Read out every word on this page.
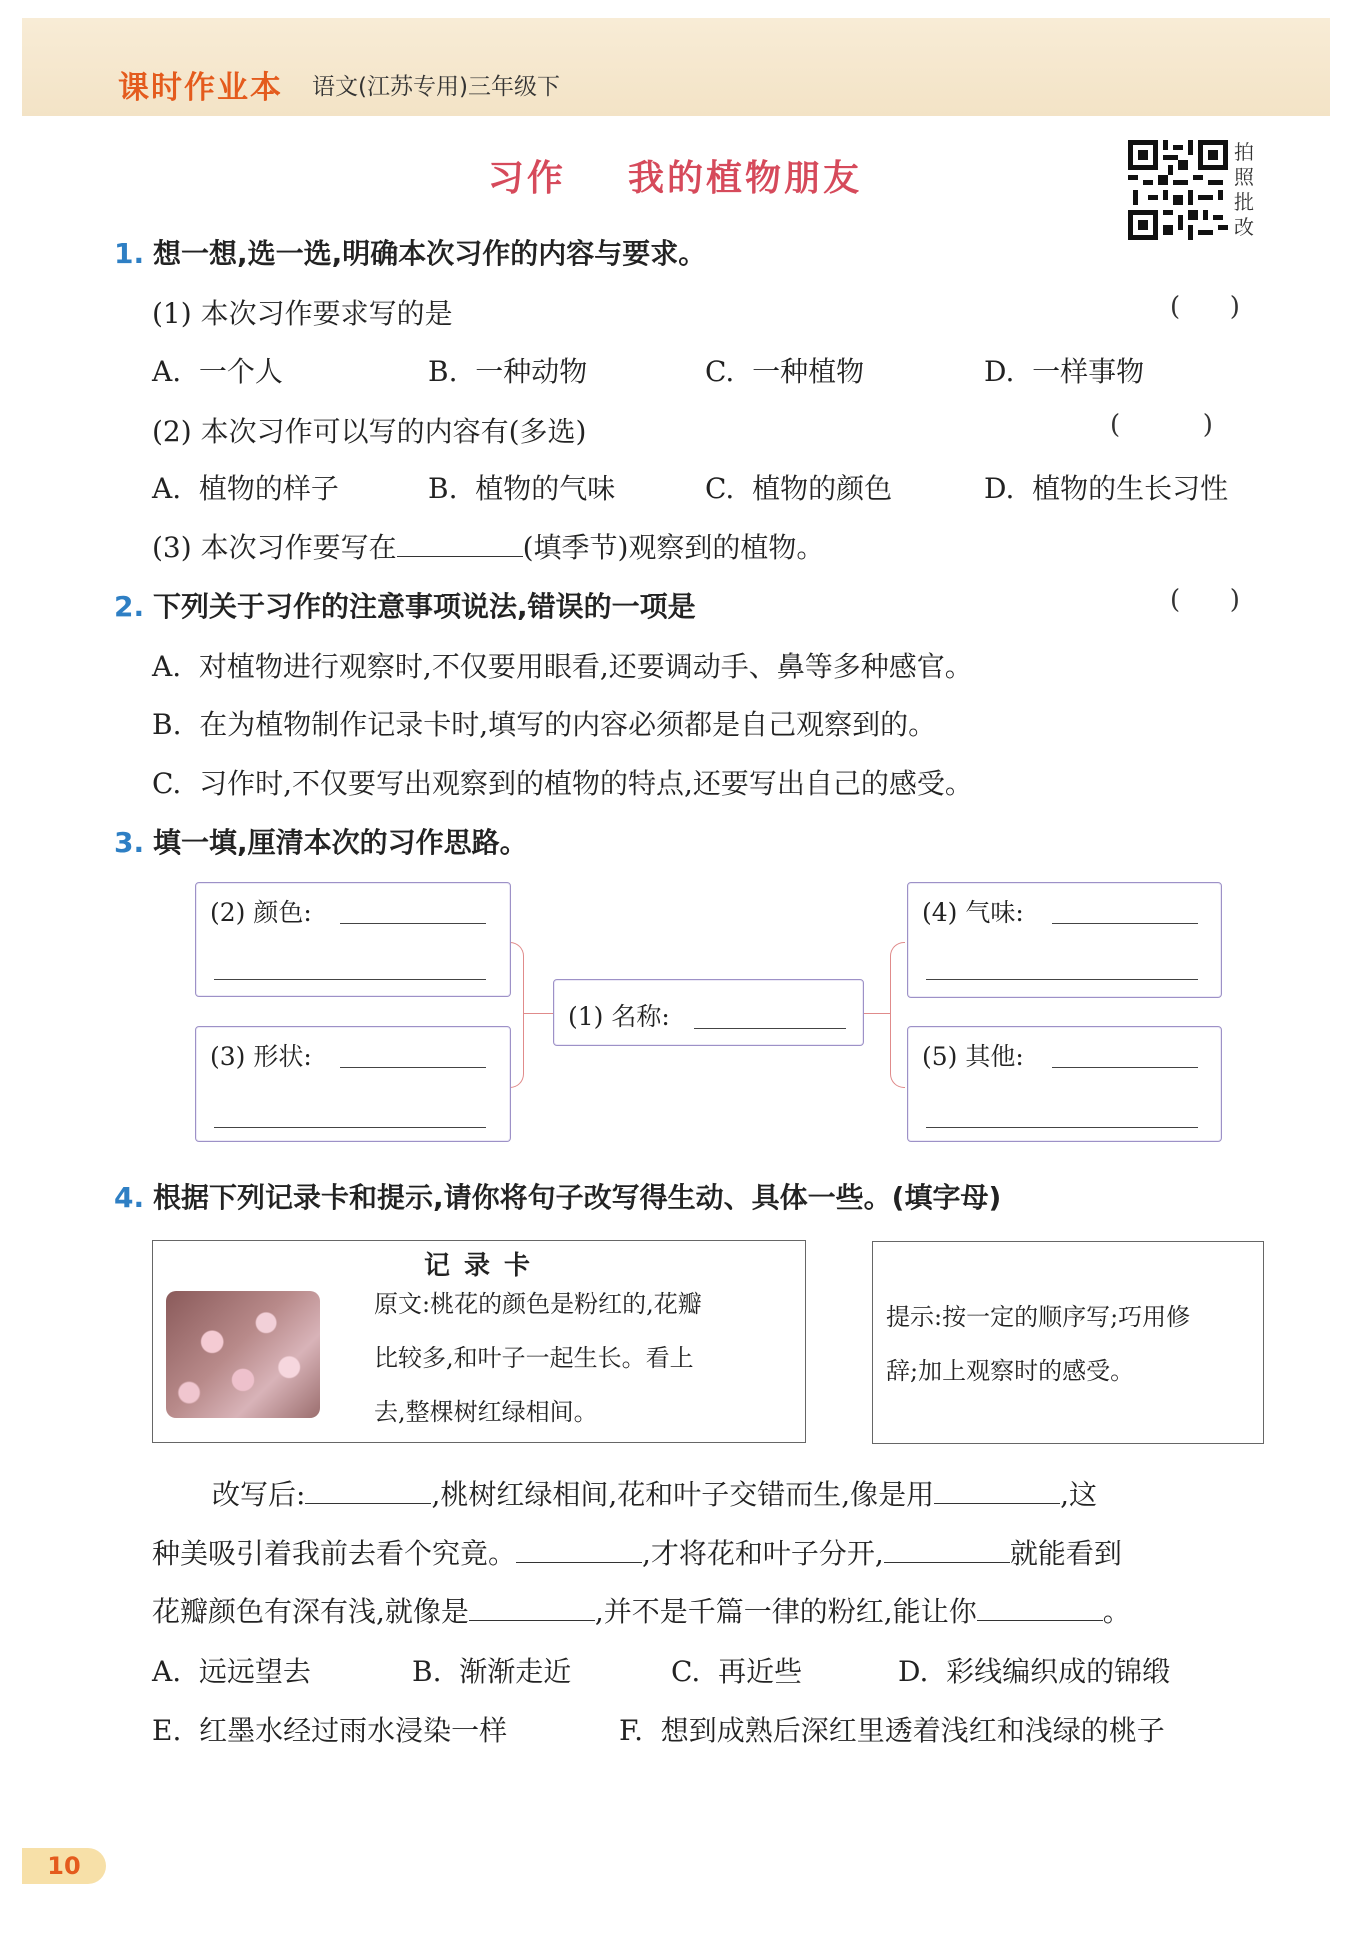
课时作业本 语文(江苏专用)三年级下
习作    我的植物朋友
拍照批改
1. 想一想,选一选,明确本次习作的内容与要求。
(1) 本次习作要求写的是	(      )
A.  一个人	B.  一种动物	C.  一种植物	D.  一样事物
(2) 本次习作可以写的内容有(多选)	(          )
A.  植物的样子	B.  植物的气味	C.  植物的颜色	D.  植物的生长习性
(3) 本次习作要写在	(填季节)观察到的植物。
2. 下列关于习作的注意事项说法,错误的一项是	(      )
A.  对植物进行观察时,不仅要用眼看,还要调动手、鼻等多种感官。
B.  在为植物制作记录卡时,填写的内容必须都是自己观察到的。
C.  习作时,不仅要写出观察到的植物的特点,还要写出自己的感受。
3. 填一填,厘清本次的习作思路。
(2) 颜色:
(3) 形状:
(1) 名称:
(4) 气味:
(5) 其他:
4. 根据下列记录卡和提示,请你将句子改写得生动、具体一些。(填字母)
记录卡
原文:桃花的颜色是粉红的,花瓣
比较多,和叶子一起生长。看上
去,整棵树红绿相间。
提示:按一定的顺序写;巧用修
辞;加上观察时的感受。
改写后:	,桃树红绿相间,花和叶子交错而生,像是用	,这
种美吸引着我前去看个究竟。	,才将花和叶子分开,	就能看到
花瓣颜色有深有浅,就像是	,并不是千篇一律的粉红,能让你	。
A.  远远望去	B.  渐渐走近	C.  再近些	D.  彩线编织成的锦缎
E.  红墨水经过雨水浸染一样	F.  想到成熟后深红里透着浅红和浅绿的桃子
10
